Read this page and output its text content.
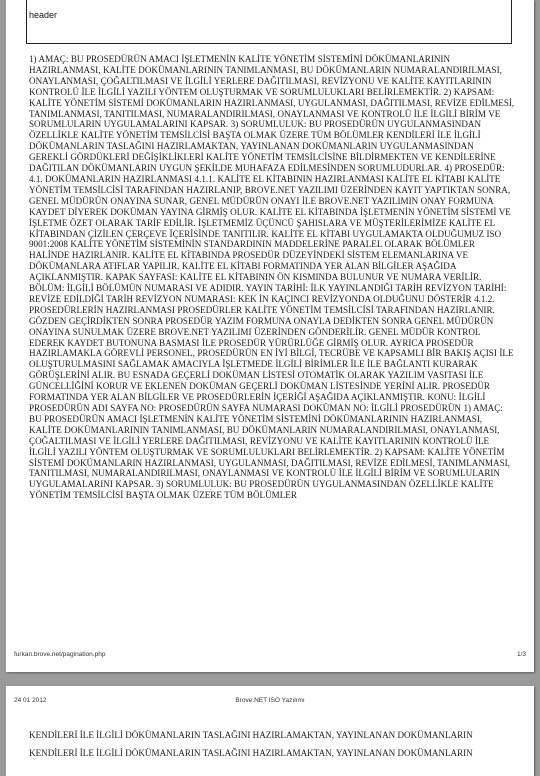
header

1) AMAÇ: BU PROSEDÜRÜN AMACI İŞLETMENİN KALİTE YÖNETİM SİSTEMİNİ DÖKÜMANLARININ HAZIRLANMASI, KALİTE DOKÜMANLARININ TANIMLANMASI, BU DÖKÜMANLARIN NUMARALANDIRILMASI, ONAYLANMASI, ÇOĞALTILMASI VE İLGİLİ YERLERE DAĞITILMASI, REVİZYONU VE KALİTE KAYITLARININ KONTROLÜ İLE İLGİLİ YAZILI YÖNTEM OLUŞTURMAK VE SORUMLULUKLARI BELİRLEMEKTİR. 2) KAPSAM: KALİTE YÖNETİM SİSTEMİ DOKÜMANLARIN HAZIRLANMASI, UYGULANMASI, DAĞITILMASI, REVİZE EDİLMESİ, TANIMLANMASI, TANITILMASI, NUMARALANDIRILMASI, ONAYLANMASI VE KONTROLÜ İLE İLGİLİ BİRİM VE SORUMLULARIN UYGULAMALARINI KAPSAR. 3) SORUMLULUK: BU PROSEDÜRÜN UYGULANMASINDAN ÖZELLİKLE KALİTE YÖNETİM TEMSİLCİSİ BAŞTA OLMAK ÜZERE TÜM BÖLÜMLER KENDİLERİ İLE İLGİLİ DÖKÜMANLARIN TASLAĞINI HAZIRLAMAKTAN, YAYINLANAN DOKÜMANLARIN UYGULANMASINDAN GEREKLİ GÖRDÜKLERİ DEĞİŞİKLİKLERİ KALİTE YÖNETİM TEMSİLCİSİNE BİLDİRMEKTEN VE KENDİLERİNE DAĞITILAN DÖKÜMANLARIN UYGUN ŞEKİLDE MUHAFAZA EDİLMESİNDEN SORUMLUDURLAR. 4) PROSEDÜR: 4.1. DOKÜMANLARIN HAZIRLANMASI 4.1.1. KALİTE EL KİTABININ HAZIRLANMASI KALİTE EL KİTABI KALİTE YÖNETİM TEMSİLCİSİ TARAFINDAN HAZIRLANIP, BROVE.NET YAZILIMI ÜZERİNDEN KAYIT YAPTIKTAN SONRA, GENEL MÜDÜRÜN ONAYINA SUNAR, GENEL MÜDÜRÜN ONAYI İLE BROVE.NET YAZILIMIN ONAY FORMUNA KAYDET DİYEREK DOKÜMAN YAYINA GİRMİŞ OLUR. KALİTE EL KİTABINDA İŞLETMENİN YÖNETİM SİSTEMİ VE İŞLETME ÖZET OLARAK TARİF EDİLİR. İŞLETMEMİZ ÜÇÜNCÜ ŞAHISLARA VE MÜŞTERİLERİMİZE KALİTE EL KİTABINDAN ÇİZİLEN ÇERÇEVE İÇERİSİNDE TANITILIR. KALİTE EL KİTABI UYGULAMAKTA OLDUĞUMUZ ISO 9001:2008 KALİTE YÖNETİM SİSTEMİNİN STANDARDININ MADDELERİNE PARALEL OLARAK BÖLÜMLER HALİNDE HAZIRLANIR. KALİTE EL KİTABINDA PROSEDÜR DÜZEYİNDEKİ SİSTEM ELEMANLARINA VE DÖKÜMANLARA ATIFLAR YAPILIR. KALİTE EL KİTABI FORMATINDA YER ALAN BİLGİLER AŞAĞIDA AÇIKLANMIŞTIR. KAPAK SAYFASI: KALİTE EL KİTABININ ÖN KISMINDA BULUNUR VE NUMARA VERİLİR. BÖLÜM: İLGİLİ BÖLÜMÜN NUMARASI VE ADIDIR. YAYIN TARİHİ: İLK YAYINLANDIĞI TARİH REVİZYON TARİHİ: REVİZE EDİLDİĞİ TARİH REVİZYON NUMARASI: KEK İN KAÇINCI REVİZYONDA OLDUĞUNU DÖSTERİR 4.1.2. PROSEDÜRLERİN HAZIRLANMASI PROSEDÜRLER KALİTE YÖNETİM TEMSİLCİSİ TARAFINDAN HAZIRLANIR. GÖZDEN GEÇİRDİKTEN SONRA PROSEDÜR YAZIM FORMUNA ONAYLA DEDİKTEN SONRA GENEL MÜDÜRÜN ONAYINA SUNULMAK ÜZERE BROVE.NET YAZILIMI ÜZERİNDEN GÖNDERİLİR. GENEL MÜDÜR KONTROL EDEREK KAYDET BUTONUNA BASMASI İLE PROSEDÜR YÜRÜRLÜĞE GİRMİŞ OLUR. AYRICA PROSEDÜR HAZIRLAMAKLA GÖREVLİ PERSONEL, PROSEDÜRÜN EN İYİ BİLGİ, TECRÜBE VE KAPSAMLI BİR BAKIŞ AÇISI İLE OLUŞTURULMASINI SAĞLAMAK AMACIYLA İŞLETMEDE İLGİLİ BİRİMLER İLE İLE BAĞLANTI KURARAK GÖRÜŞLERİNİ ALIR. BU ESNADA GEÇERLİ DOKÜMAN LİSTESİ OTOMATİK OLARAK YAZILIM VASITASI İLE GÜNCELLİĞİNİ KORUR VE EKLENEN DOKÜMAN GEÇERLİ DOKÜMAN LİSTESİNDE YERİNİ ALIR. PROSEDÜR FORMATINDA YER ALAN BİLGİLER VE PROSEDÜRLERİN İÇERİĞİ AŞAĞIDA AÇIKLANMIŞTIR. KONU: İLGİLİ PROSEDÜRÜN ADI SAYFA NO: PROSEDÜRÜN SAYFA NUMARASI DOKÜMAN NO: İLGİLİ PROSEDÜRÜN 1) AMAÇ: BU PROSEDÜRÜN AMACI İŞLETMENİN KALİTE YÖNETİM SİSTEMİNİ DÖKÜMANLARININ HAZIRLANMASI, KALİTE DOKÜMANLARININ TANIMLANMASI, BU DÖKÜMANLARIN NUMARALANDIRILMASI, ONAYLANMASI, ÇOĞALTILMASI VE İLGİLİ YERLERE DAĞITILMASI, REVİZYONU VE KALİTE KAYITLARININ KONTROLÜ İLE İLGİLİ YAZILI YÖNTEM OLUŞTURMAK VE SORUMLULUKLARI BELİRLEMEKTİR. 2) KAPSAM: KALİTE YÖNETİM SİSTEMİ DOKÜMANLARIN HAZIRLANMASI, UYGULANMASI, DAĞITILMASI, REVİZE EDİLMESİ, TANIMLANMASI, TANITILMASI, NUMARALANDIRILMASI, ONAYLANMASI VE KONTROLÜ İLE İLGİLİ BİRİM VE SORUMLULARIN UYGULAMALARINI KAPSAR. 3) SORUMLULUK: BU PROSEDÜRÜN UYGULANMASINDAN ÖZELLİKLE KALİTE YÖNETİM TEMSİLCİSİ BAŞTA OLMAK ÜZERE TÜM BÖLÜMLER

furkan.brove.net/pagination.php	1/3
24 01 2012	Brove.NET ISO Yazılımı
KENDİLERİ İLE İLGİLİ DÖKÜMANLARIN TASLAĞINI HAZIRLAMAKTAN, YAYINLANAN DOKÜMANLARIN
KENDİLERİ İLE İLGİLİ DÖKÜMANLARIN TASLAĞINI HAZIRLAMAKTAN, YAYINLANAN DOKÜMANLARIN
